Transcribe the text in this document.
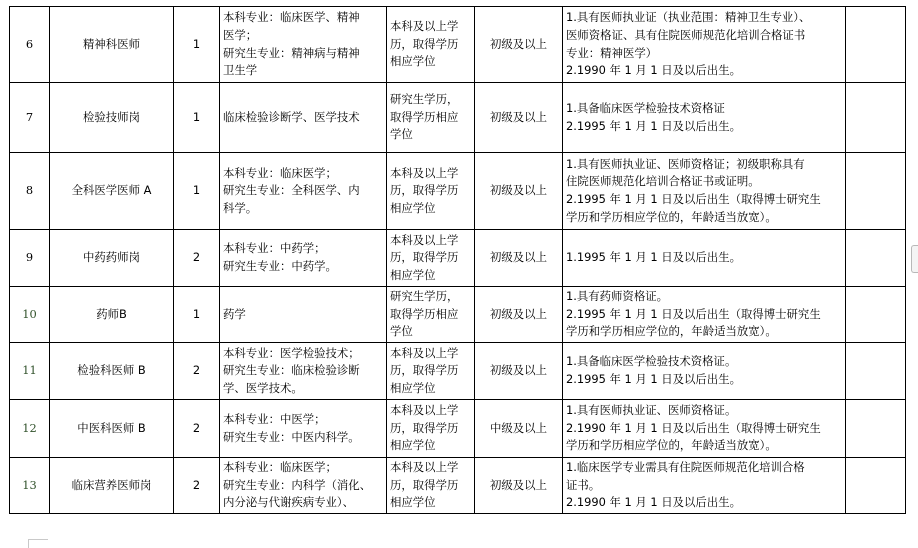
6	精神科医师	1	本科专业：临床医学、精神
医学；
研究生专业：精神病与精神
卫生学	本科及以上学
历，取得学历
相应学位	初级及以上	1.具有医师执业证（执业范围：精神卫生专业）、
医师资格证、具有住院医师规范化培训合格证书
专业：精神医学）
2.1990 年 1 月 1 日及以后出生。	

7	检验技师岗	1	临床检验诊断学、医学技术	研究生学历，
取得学历相应
学位	初级及以上	1.具备临床医学检验技术资格证
2.1995 年 1 月 1 日及以后出生。	

8	全科医学医师 A	1	本科专业：临床医学；
研究生专业：全科医学、内
科学。	本科及以上学
历，取得学历
相应学位	初级及以上	1.具有医师执业证、医师资格证；初级职称具有
住院医师规范化培训合格证书或证明。
2.1995 年 1 月 1 日及以后出生（取得博士研究生
学历和学历相应学位的，年龄适当放宽）。	

9	中药药师岗	2	本科专业：中药学；
研究生专业：中药学。	本科及以上学
历，取得学历
相应学位	初级及以上	1.1995 年 1 月 1 日及以后出生。	

10	药师B	1	药学	研究生学历，
取得学历相应
学位	初级及以上	1.具有药师资格证。
2.1995 年 1 月 1 日及以后出生（取得博士研究生
学历和学历相应学位的，年龄适当放宽）。	

11	检验科医师 B	2	本科专业：医学检验技术；
研究生专业：临床检验诊断
学、医学技术。	本科及以上学
历，取得学历
相应学位	初级及以上	1.具备临床医学检验技术资格证。
2.1995 年 1 月 1 日及以后出生。	

12	中医科医师 B	2	本科专业：中医学；
研究生专业：中医内科学。	本科及以上学
历，取得学历
相应学位	中级及以上	1.具有医师执业证、医师资格证。
2.1990 年 1 月 1 日及以后出生（取得博士研究生
学历和学历相应学位的，年龄适当放宽）。	

13	临床营养医师岗	2	本科专业：临床医学；
研究生专业：内科学（消化、
内分泌与代谢疾病专业）、	本科及以上学
历，取得学历
相应学位	初级及以上	1.临床医学专业需具有住院医师规范化培训合格
证书。
2.1990 年 1 月 1 日及以后出生。	
